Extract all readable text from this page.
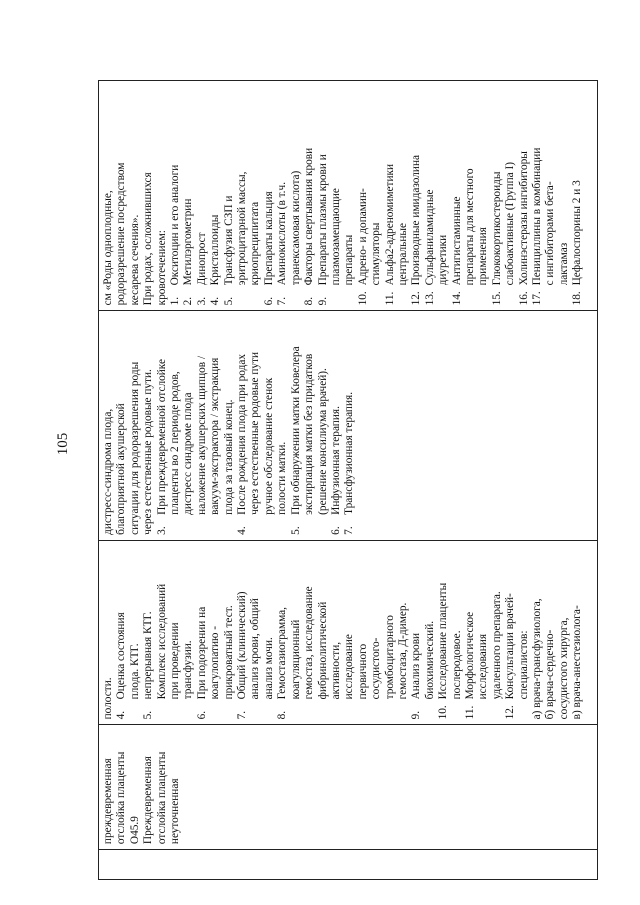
105
преждевременная отслойка плаценты O45.9 Преждевременная отслойка плаценты неуточненная
полости. 4.
Оценка состояния плода. КТГ.
5.
непрерывная КТГ. Комплекс исследований при проведении трансфузии.
6.
При подозрении на коагулопатию - прикроватный тест.
7.
Общий (клинический) анализ крови, общий анализ мочи.
8.
Гемостазиограмма, коагуляционный гемостаз, исследование фибринолитической активности, исследование первичного сосудистого- тромбоцитарного гемостаза, Д-димер.
9.
Анализ крови биохимический.
10.
Исследование плаценты послеродовое.
11.
Морфологическое исследования удаленного препарата.
12.
Консультации врачей- специалистов: а) врача-трансфузиолога, б) врача-сердечно- сосудистого хирурга, в) врача-анестезиолога-
дистресс-синдрома плода, благоприятной акушерской ситуации для родоразрешения роды через естественные родовые пути. 3.
При преждевременной отслойке плаценты во 2 периоде родов, дистресс синдроме плода наложение акушерских щипцов / вакуум-экстрактора / экстракция плода за тазовый конец.
4.
После рождения плода при родах через естественные родовые пути ручное обследование стенок полости матки.
5.
При обнаружении матки Кювелера экстирпация матки без придатков (решение консилиума врачей).
6.
Инфузионная терапия.
7.
Трансфузионная терапия.
см «Роды одноплодные, родоразрешение посредством кесарева сечения». При родах, осложнившихся кровотечением: 1.
Окситоцин и его аналоги
2.
Метилэргометрин
3.
Динопрост
4.
Кристаллоиды
5.
Трансфузия СЗП и эритроцитарной массы, криопреципитата
6.
Препараты кальция
7.
Аминокислоты (в т.ч. транексамовая кислота)
8.
Факторы свертывания крови
9.
Препараты плазмы крови и плазмозамещающие препараты
10.
Адрено- и допамин- стимуляторы
11.
Альфа2-адреномиметики центральные
12.
Производные имидазолина
13.
Сульфаниламидные диуретики
14.
Антигистаминные препараты для местного применения
15.
Глюкокортикостероиды слабоактивные (Группа I)
16.
Холинэстеразы ингибиторы
17.
Пенициллины в комбинации с ингибиторами бета- лактамаз
18.
Цефалоспорины 2 и 3
